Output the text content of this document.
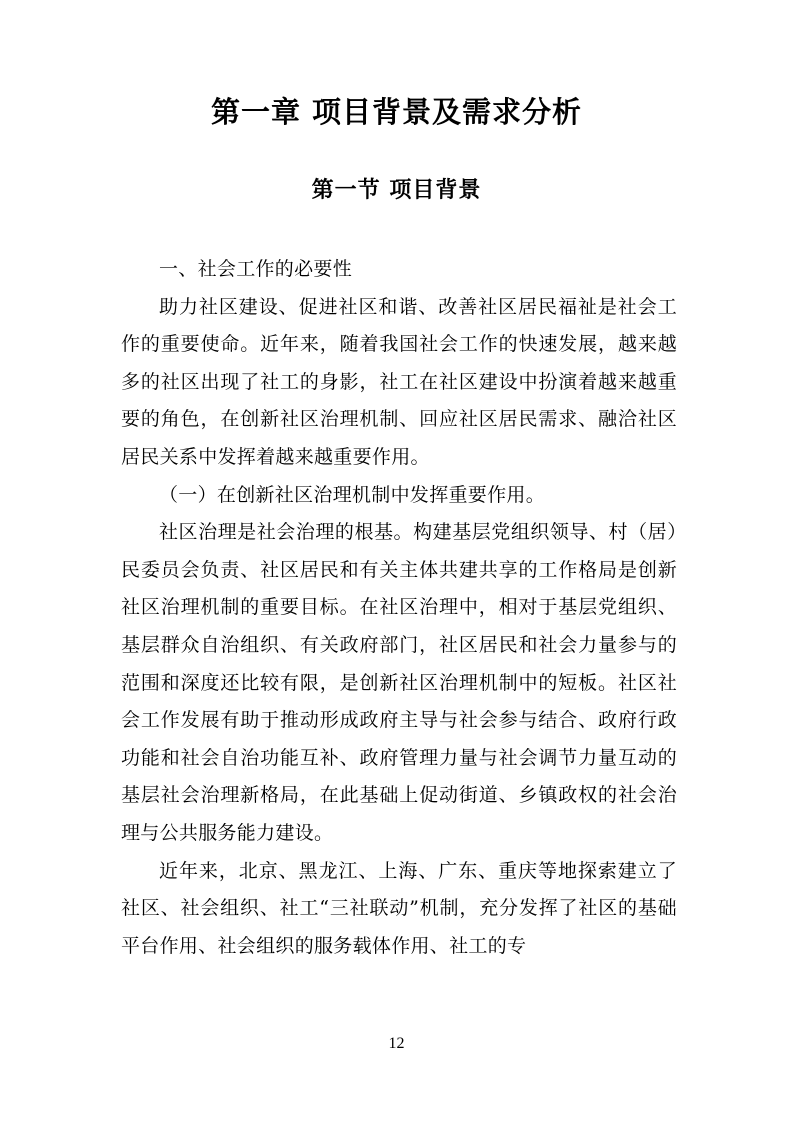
第一章 项目背景及需求分析
第一节 项目背景

一、社会工作的必要性

助力社区建设、促进社区和谐、改善社区居民福祉是社会工作的重要使命。近年来，随着我国社会工作的快速发展，越来越多的社区出现了社工的身影，社工在社区建设中扮演着越来越重要的角色，在创新社区治理机制、回应社区居民需求、融洽社区居民关系中发挥着越来越重要作用。

（一）在创新社区治理机制中发挥重要作用。

社区治理是社会治理的根基。构建基层党组织领导、村（居）民委员会负责、社区居民和有关主体共建共享的工作格局是创新社区治理机制的重要目标。在社区治理中，相对于基层党组织、基层群众自治组织、有关政府部门，社区居民和社会力量参与的范围和深度还比较有限，是创新社区治理机制中的短板。社区社会工作发展有助于推动形成政府主导与社会参与结合、政府行政功能和社会自治功能互补、政府管理力量与社会调节力量互动的基层社会治理新格局，在此基础上促动街道、乡镇政权的社会治理与公共服务能力建设。

近年来，北京、黑龙江、上海、广东、重庆等地探索建立了社区、社会组织、社工“三社联动”机制，充分发挥了社区的基础平台作用、社会组织的服务载体作用、社工的专

12
